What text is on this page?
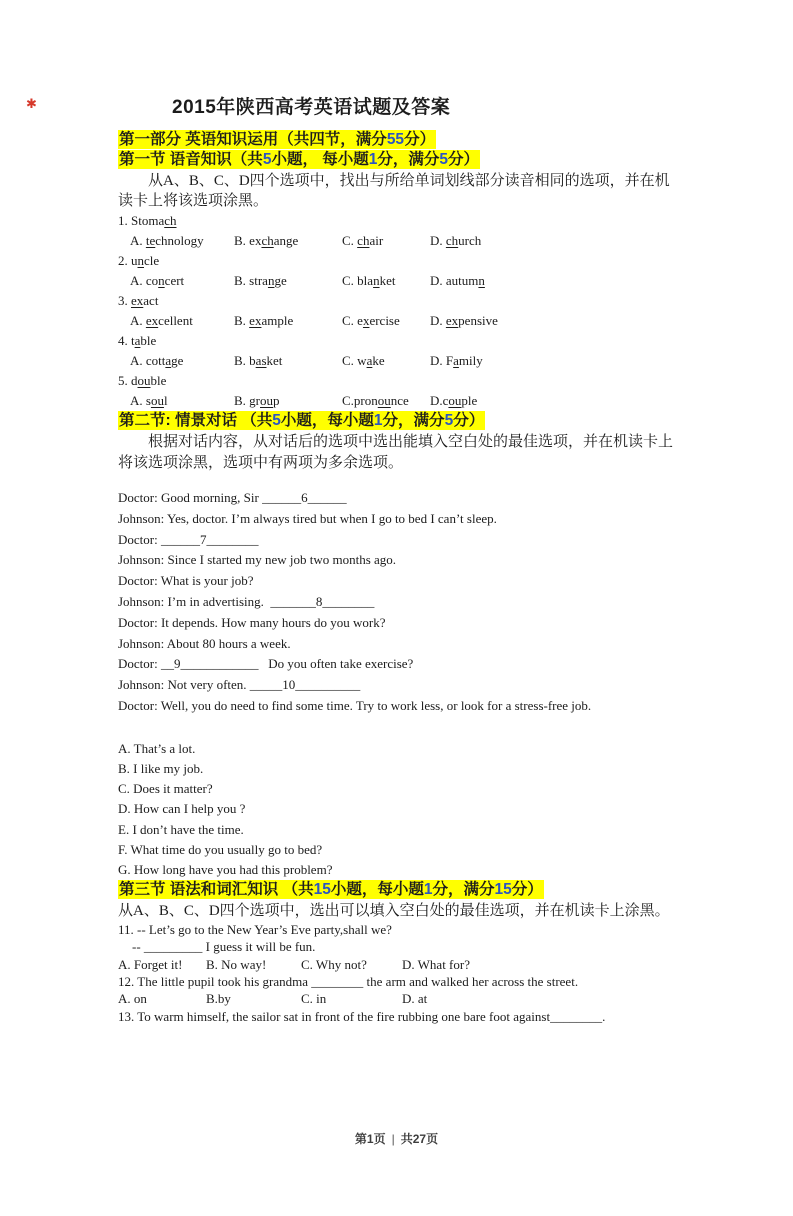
✱	2015年陕西高考英语试题及答案
第一部分 英语知识运用（共四节，满分55分）
第一节 语音知识（共5小题， 每小题1分，满分5分）
从A、B、C、D四个选项中，找出与所给单词划线部分读音相同的选项，并在机读卡上将该选项涂黑。
1. Stomach
A. technology	B. exchange	C. chair	D. church
2. uncle
A. concert	B. strange	C. blanket	D. autumn
3. exact
A. excellent	B. example	C. exercise	D. expensive
4. table
A. cottage	B. basket	C. wake	D. Family
5. double
A. soul	B. group	C.pronounce	D.couple
第二节: 情景对话 （共5小题，每小题1分，满分5分）
根据对话内容，从对话后的选项中选出能填入空白处的最佳选项，并在机读卡上将该选项涂黑，选项中有两项为多余选项。
Doctor: Good morning, Sir ______6______
Johnson: Yes, doctor. I’m always tired but when I go to bed I can’t sleep.
Doctor: ______7________
Johnson: Since I started my new job two months ago.
Doctor: What is your job?
Johnson: I’m in advertising.  _______8________
Doctor: It depends. How many hours do you work?
Johnson: About 80 hours a week.
Doctor: __9____________   Do you often take exercise?
Johnson: Not very often. _____10__________
Doctor: Well, you do need to find some time. Try to work less, or look for a stress-free job.
A. That’s a lot.
B. I like my job.
C. Does it matter?
D. How can I help you ?
E. I don’t have the time.
F. What time do you usually go to bed?
G. How long have you had this problem?
第三节 语法和词汇知识 （共15小题，每小题1分，满分15分）
从A、B、C、D四个选项中，选出可以填入空白处的最佳选项，并在机读卡上涂黑。
11. -- Let’s go to the New Year’s Eve party,shall we?
-- _________ I guess it will be fun.
A. Forget it!	B. No way!	C. Why not?	D. What for?
12. The little pupil took his grandma ________ the arm and walked her across the street.
A. on	B.by	C. in	D. at
13. To warm himself, the sailor sat in front of the fire rubbing one bare foot against________.
第1页 | 共27页
